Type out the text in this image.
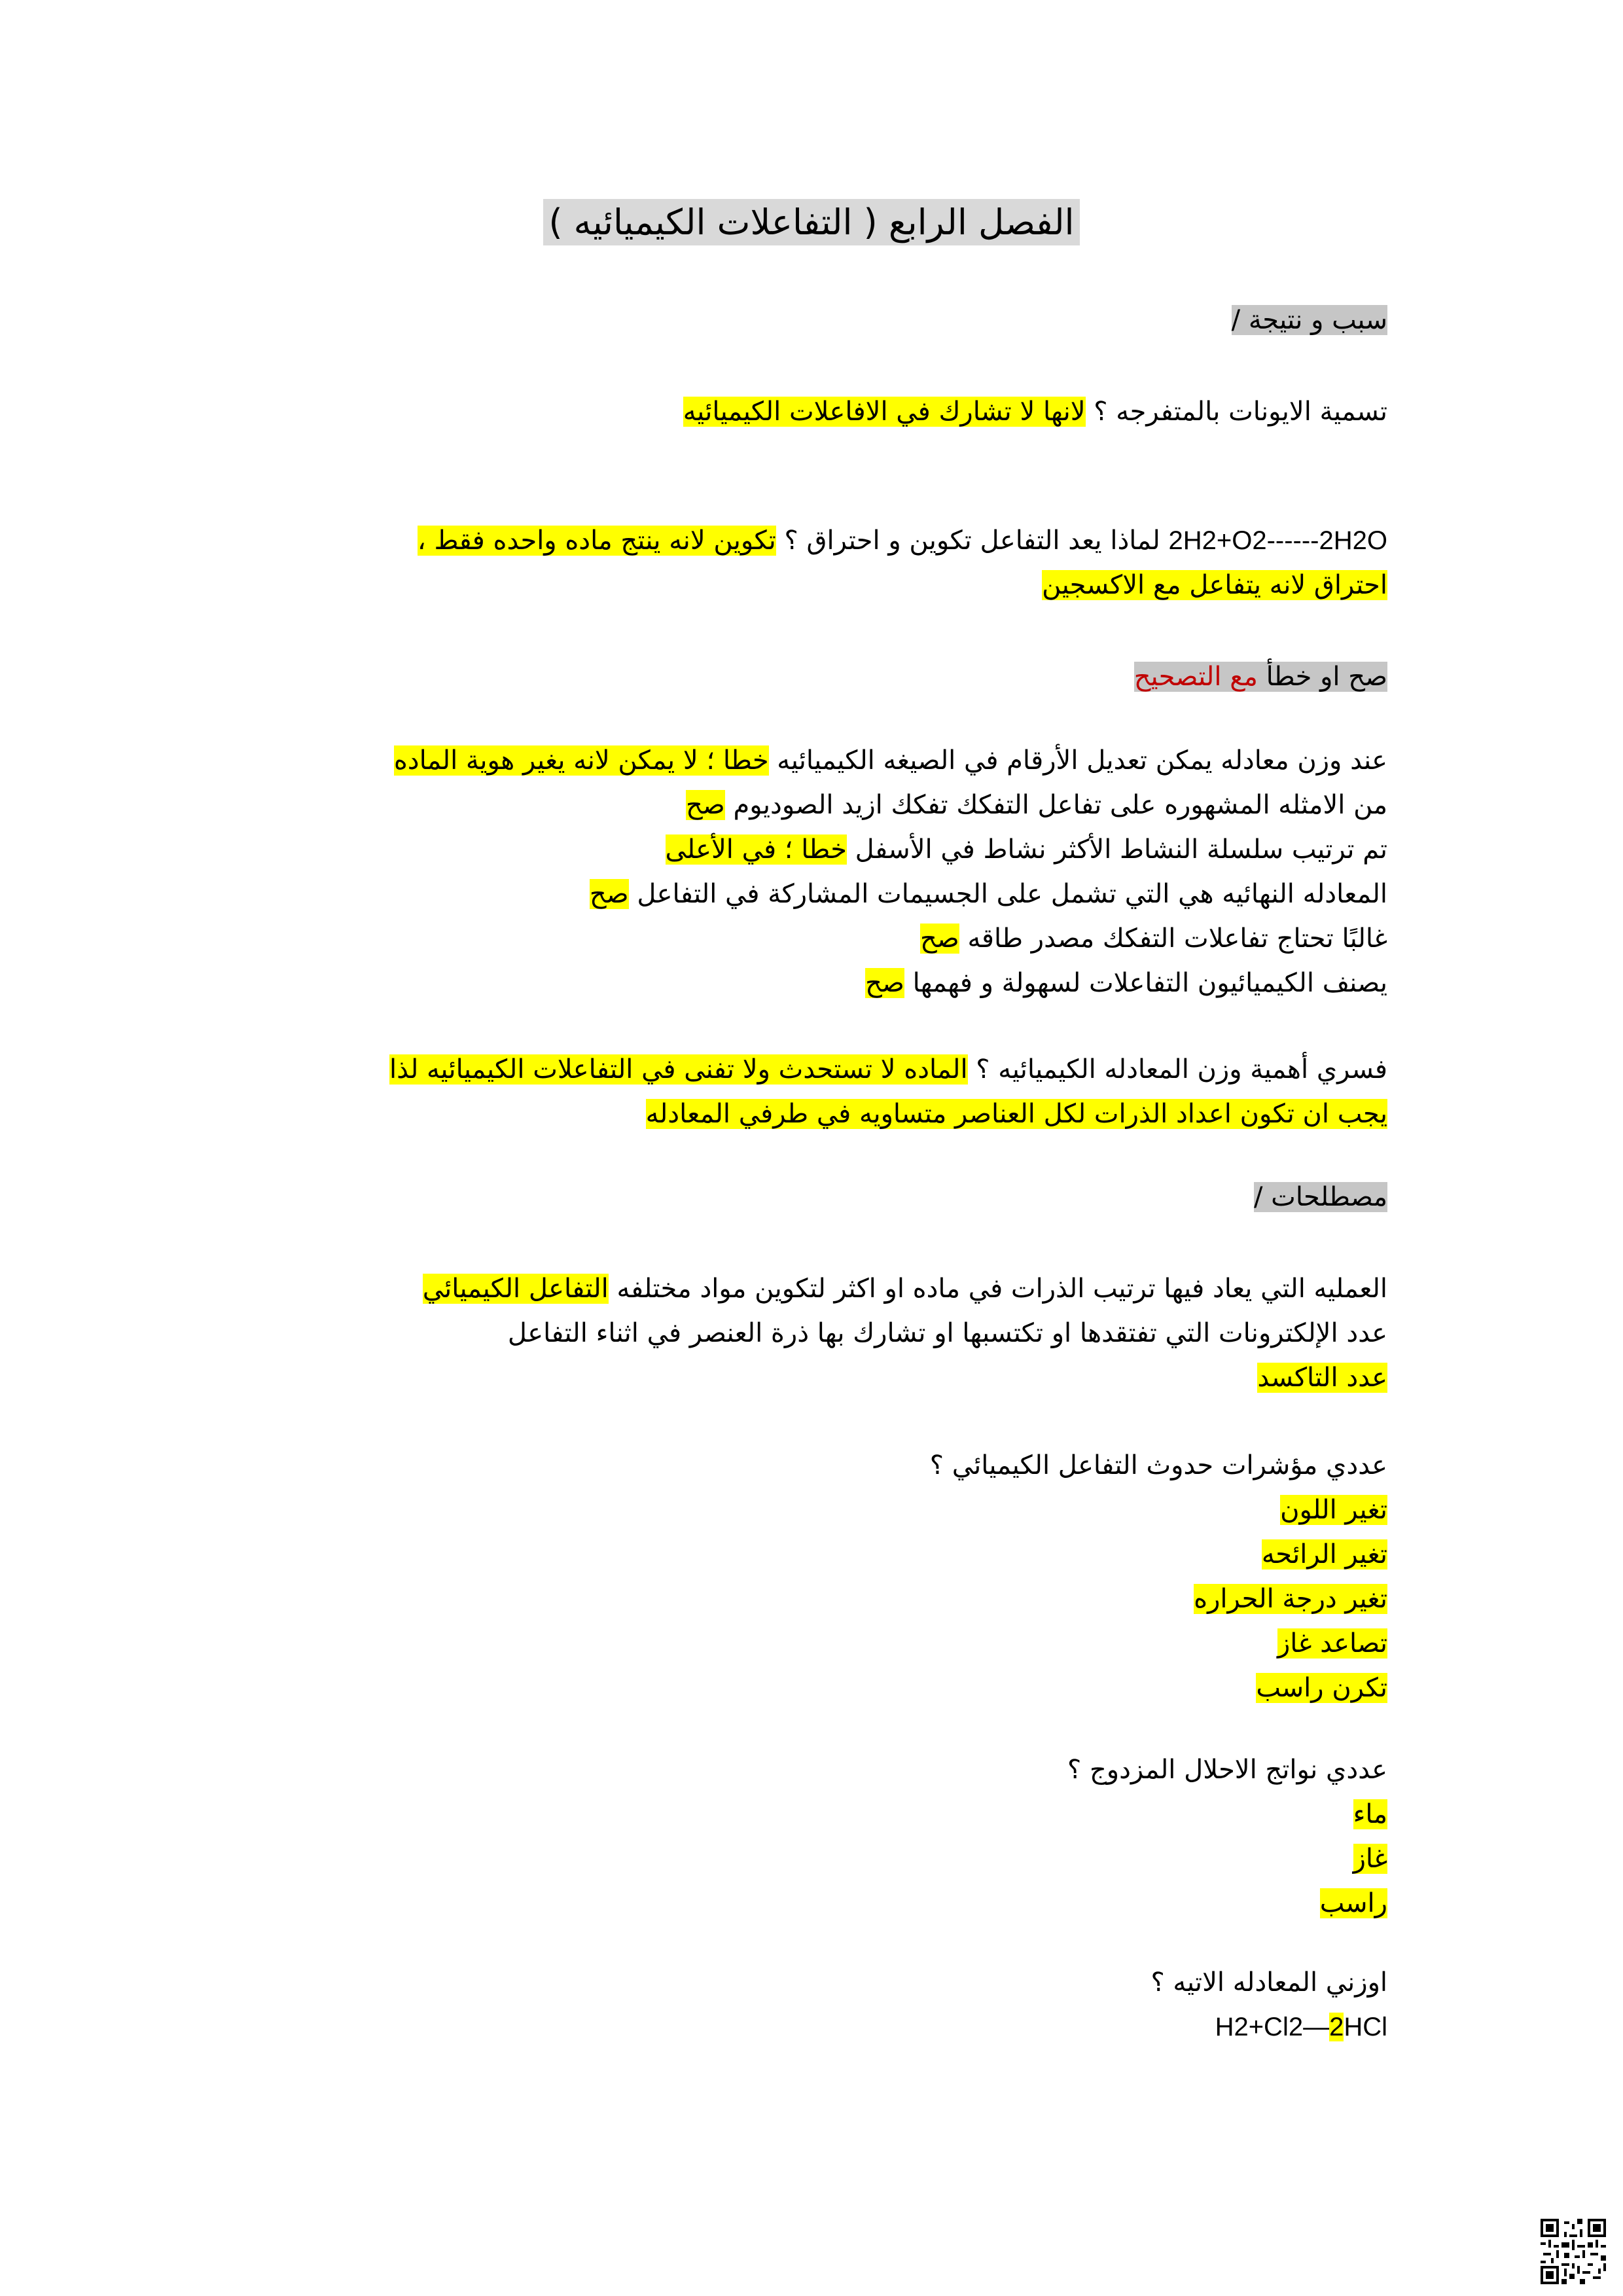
الفصل الرابع ( التفاعلات الكيميائيه )
سبب و نتيجة /
تسمية الايونات بالمتفرجه ؟ لانها لا تشارك في الافاعلات الكيميائيه
2H2+O2------2H2O لماذا يعد التفاعل تكوين و احتراق ؟ تكوين لانه ينتج ماده واحده فقط ،
احتراق لانه يتفاعل مع الاكسجين
صح او خطأ مع التصحيح
عند وزن معادله يمكن تعديل الأرقام في الصيغه الكيميائيه خطا ؛ لا يمكن لانه يغير هوية الماده
من الامثله المشهوره على تفاعل التفكك تفكك ازيد الصوديوم صح
تم ترتيب سلسلة النشاط الأكثر نشاط في الأسفل خطا ؛ في الأعلى
المعادله النهائيه هي التي تشمل على الجسيمات المشاركة في التفاعل صح
غالبًا تحتاج تفاعلات التفكك مصدر طاقه صح
يصنف الكيميائيون التفاعلات لسهولة و فهمها صح
فسري أهمية وزن المعادله الكيميائيه ؟ الماده لا تستحدث ولا تفنى في التفاعلات الكيميائيه لذا
يجب ان تكون اعداد الذرات لكل العناصر متساويه في طرفي المعادله
مصطلحات /
العمليه التي يعاد فيها ترتيب الذرات في ماده او اكثر لتكوين مواد مختلفه التفاعل الكيميائي
عدد الإلكترونات التي تفتقدها او تكتسبها او تشارك بها ذرة العنصر في اثناء التفاعل
عدد التاكسد
عددي مؤشرات حدوث التفاعل الكيميائي ؟
تغير اللون
تغير الرائحه
تغير درجة الحراره
تصاعد غاز
تكرن راسب
عددي نواتج الاحلال المزدوج ؟
ماء
غاز
راسب
اوزني المعادله الاتيه ؟
H2+Cl2—2HCl
